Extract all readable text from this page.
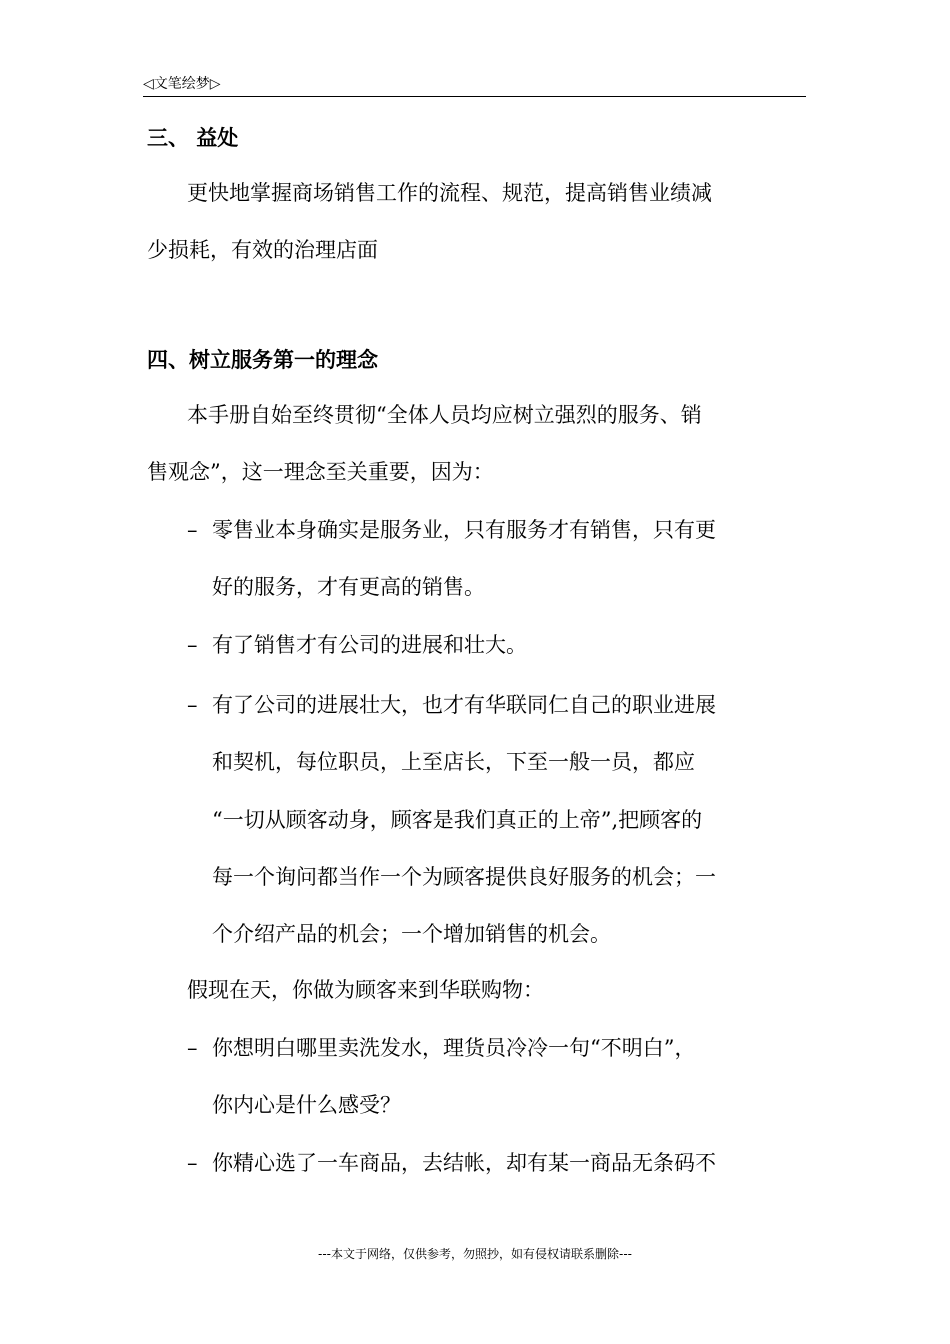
◁文笔绘梦▷
三、 益处
更快地掌握商场销售工作的流程、规范，提高销售业绩减
少损耗，有效的治理店面
四、树立服务第一的理念
本手册自始至终贯彻“全体人员均应树立强烈的服务、销
售观念”，这一理念至关重要，因为：
– 零售业本身确实是服务业，只有服务才有销售，只有更
好的服务，才有更高的销售。
– 有了销售才有公司的进展和壮大。
– 有了公司的进展壮大，也才有华联同仁自己的职业进展
和契机，每位职员，上至店长，下至一般一员，都应
“一切从顾客动身，顾客是我们真正的上帝”,把顾客的
每一个询问都当作一个为顾客提供良好服务的机会；一
个介绍产品的机会；一个增加销售的机会。
假现在天，你做为顾客来到华联购物：
– 你想明白哪里卖洗发水，理货员冷冷一句“不明白”，
你内心是什么感受？
– 你精心选了一车商品，去结帐，却有某一商品无条码不
---本文于网络，仅供参考，勿照抄，如有侵权请联系删除---
